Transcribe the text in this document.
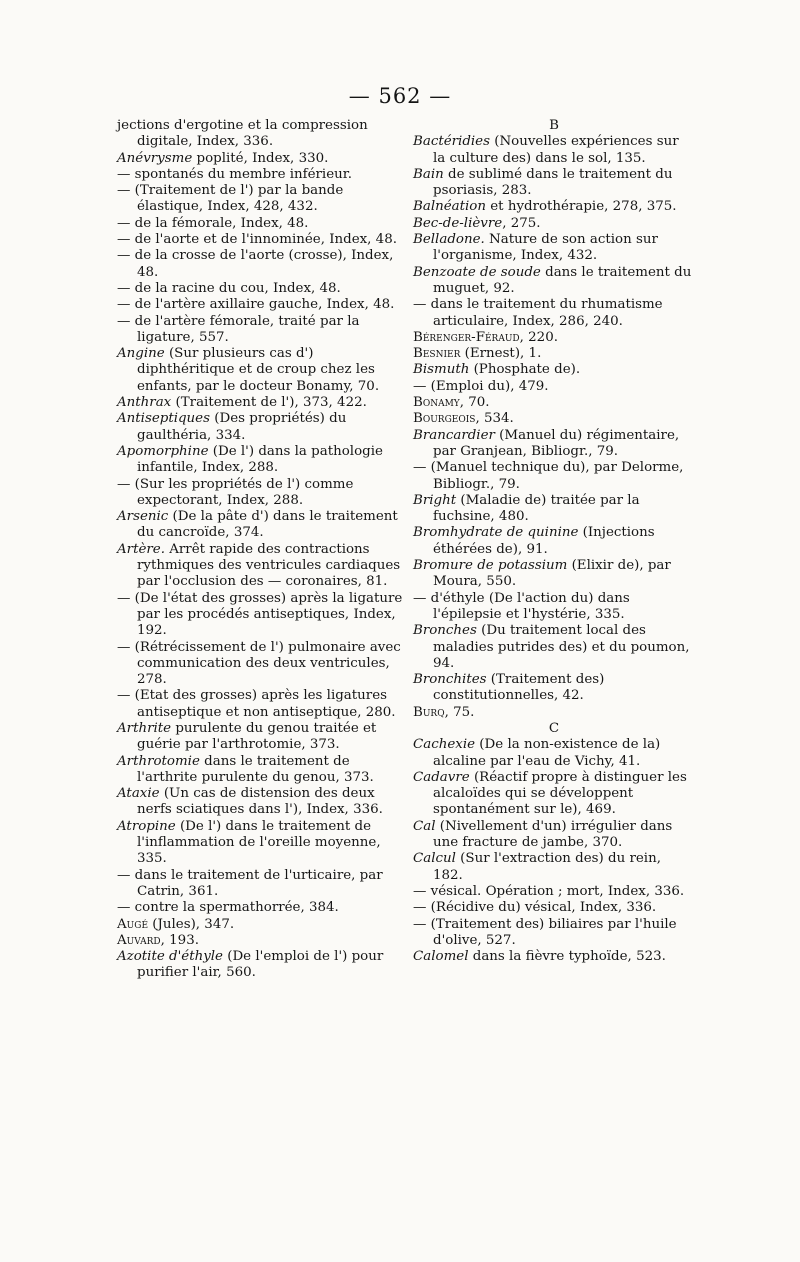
— 562 —

jections d'ergotine et la compression digitale, Index, 336.

Anévrysme poplité, Index, 330.

— spontanés du membre inférieur.

— (Traitement de l') par la bande élastique, Index, 428, 432.

— de la fémorale, Index, 48.

— de l'aorte et de l'innominée, Index, 48.

— de la crosse de l'aorte (crosse), Index, 48.

— de la racine du cou, Index, 48.

— de l'artère axillaire gauche, Index, 48.

— de l'artère fémorale, traité par la ligature, 557.

Angine (Sur plusieurs cas d') diphthéritique et de croup chez les enfants, par le docteur Bonamy, 70.

Anthrax (Traitement de l'), 373, 422.

Antiseptiques (Des propriétés) du gaulthéria, 334.

Apomorphine (De l') dans la pathologie infantile, Index, 288.

— (Sur les propriétés de l') comme expectorant, Index, 288.

Arsenic (De la pâte d') dans le traitement du cancroïde, 374.

Artère. Arrêt rapide des contractions rythmiques des ventricules cardiaques par l'occlusion des — coronaires, 81.

— (De l'état des grosses) après la ligature par les procédés antiseptiques, Index, 192.

— (Rétrécissement de l') pulmonaire avec communication des deux ventricules, 278.

— (Etat des grosses) après les ligatures antiseptique et non antiseptique, 280.

Arthrite purulente du genou traitée et guérie par l'arthrotomie, 373.

Arthrotomie dans le traitement de l'arthrite purulente du genou, 373.

Ataxie (Un cas de distension des deux nerfs sciatiques dans l'), Index, 336.

Atropine (De l') dans le traitement de l'inflammation de l'oreille moyenne, 335.

— dans le traitement de l'urticaire, par Catrin, 361.

— contre la spermathorrée, 384.

Augé (Jules), 347.

Auvard, 193.

Azotite d'éthyle (De l'emploi de l') pour purifier l'air, 560.

B

Bactéridies (Nouvelles expériences sur la culture des) dans le sol, 135.

Bain de sublimé dans le traitement du psoriasis, 283.

Balnéation et hydrothérapie, 278, 375.

Bec-de-lièvre, 275.

Belladone. Nature de son action sur l'organisme, Index, 432.

Benzoate de soude dans le traitement du muguet, 92.

— dans le traitement du rhumatisme articulaire, Index, 286, 240.

Bérenger-Féraud, 220.

Besnier (Ernest), 1.

Bismuth (Phosphate de).

— (Emploi du), 479.

Bonamy, 70.

Bourgeois, 534.

Brancardier (Manuel du) régimentaire, par Granjean, Bibliogr., 79.

— (Manuel technique du), par Delorme, Bibliogr., 79.

Bright (Maladie de) traitée par la fuchsine, 480.

Bromhydrate de quinine (Injections éthérées de), 91.

Bromure de potassium (Elixir de), par Moura, 550.

— d'éthyle (De l'action du) dans l'épilepsie et l'hystérie, 335.

Bronches (Du traitement local des maladies putrides des) et du poumon, 94.

Bronchites (Traitement des) constitutionnelles, 42.

Burq, 75.

C

Cachexie (De la non-existence de la) alcaline par l'eau de Vichy, 41.

Cadavre (Réactif propre à distinguer les alcaloïdes qui se développent spontanément sur le), 469.

Cal (Nivellement d'un) irrégulier dans une fracture de jambe, 370.

Calcul (Sur l'extraction des) du rein, 182.

— vésical. Opération ; mort, Index, 336.

— (Récidive du) vésical, Index, 336.

— (Traitement des) biliaires par l'huile d'olive, 527.

Calomel dans la fièvre typhoïde, 523.
